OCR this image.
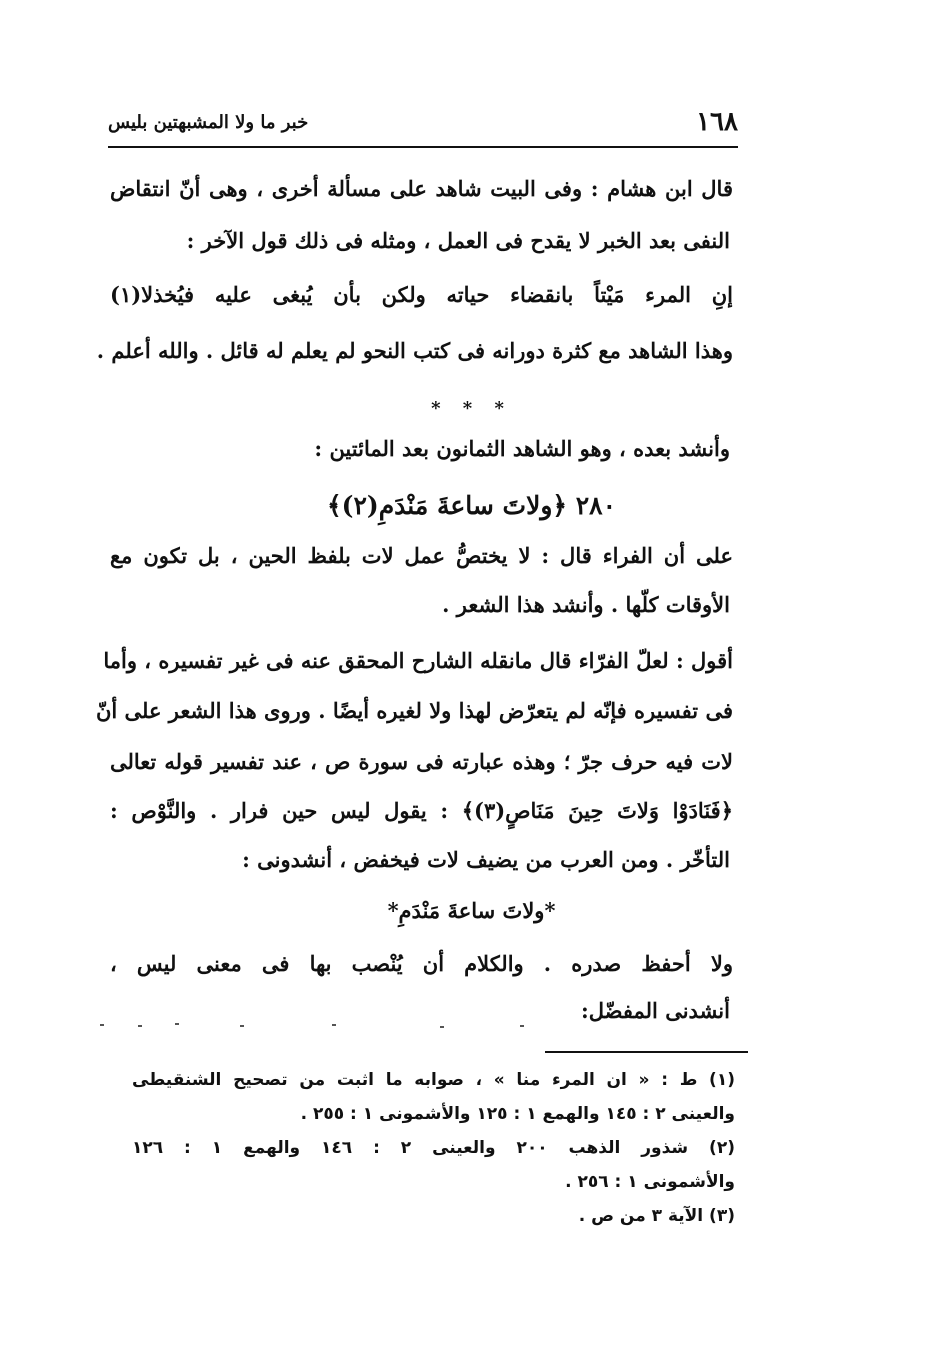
١٦٨
خبر ما ولا المشبهتين بليس
قال ابن هشام : وفى البيت شاهد على مسألة أخرى ، وهى أنّ انتقاض
النفى بعد الخبر لا يقدح فى العمل ، ومثله فى ذلك قول الآخر :
إنِ المرء مَيْتاً بانقضاء حياته ولكن بأن يُبغى عليه فيُخذلا(١)
وهذا الشاهد مع كثرة دورانه فى كتب النحو لم يعلم له قائل . والله أعلم .
* * *
وأنشد بعده ، وهو الشاهد الثمانون بعد المائتين :
٢٨٠ ﴿ولاتَ ساعةَ مَنْدَمِ(٢)﴾
على أن الفراء قال : لا يختصُّ عمل لات بلفظ الحين ، بل تكون مع
الأوقات كلّها . وأنشد هذا الشعر .
أقول : لعلّ الفرّاء قال مانقله الشارح المحقق عنه فى غير تفسيره ، وأما
فى تفسيره فإنّه لم يتعرّض لهذا ولا لغيره أيضًا . وروى هذا الشعر على أنّ
لات فيه حرف جرّ ؛ وهذه عبارته فى سورة ص ، عند تفسير قوله تعالى
﴿فَنَادَوْا وَلاتَ حِينَ مَنَاصٍ(٣)﴾ : يقول ليس حين فرار . والنَّوْص :
التأخّر . ومن العرب من يضيف لات فيخفض ، أنشدونى :
*ولاتَ ساعةَ مَنْدَمِ*
ولا أحفظ صدره . والكلام أن يُنْصب بها فى معنى ليس ،
أنشدنى المفضّل:
(١) ط : « ان المرء منا » ، صوابه ما اثبت من تصحيح الشنقيطى
والعينى ٢ : ١٤٥ والهمع ١ : ١٢٥ والأشمونى ١ : ٢٥٥ .
(٢) شذور الذهب ٢٠٠ والعينى ٢ : ١٤٦ والهمع ١ : ١٢٦
والأشمونى ١ : ٢٥٦ .
(٣) الآية ٣ من ص .
